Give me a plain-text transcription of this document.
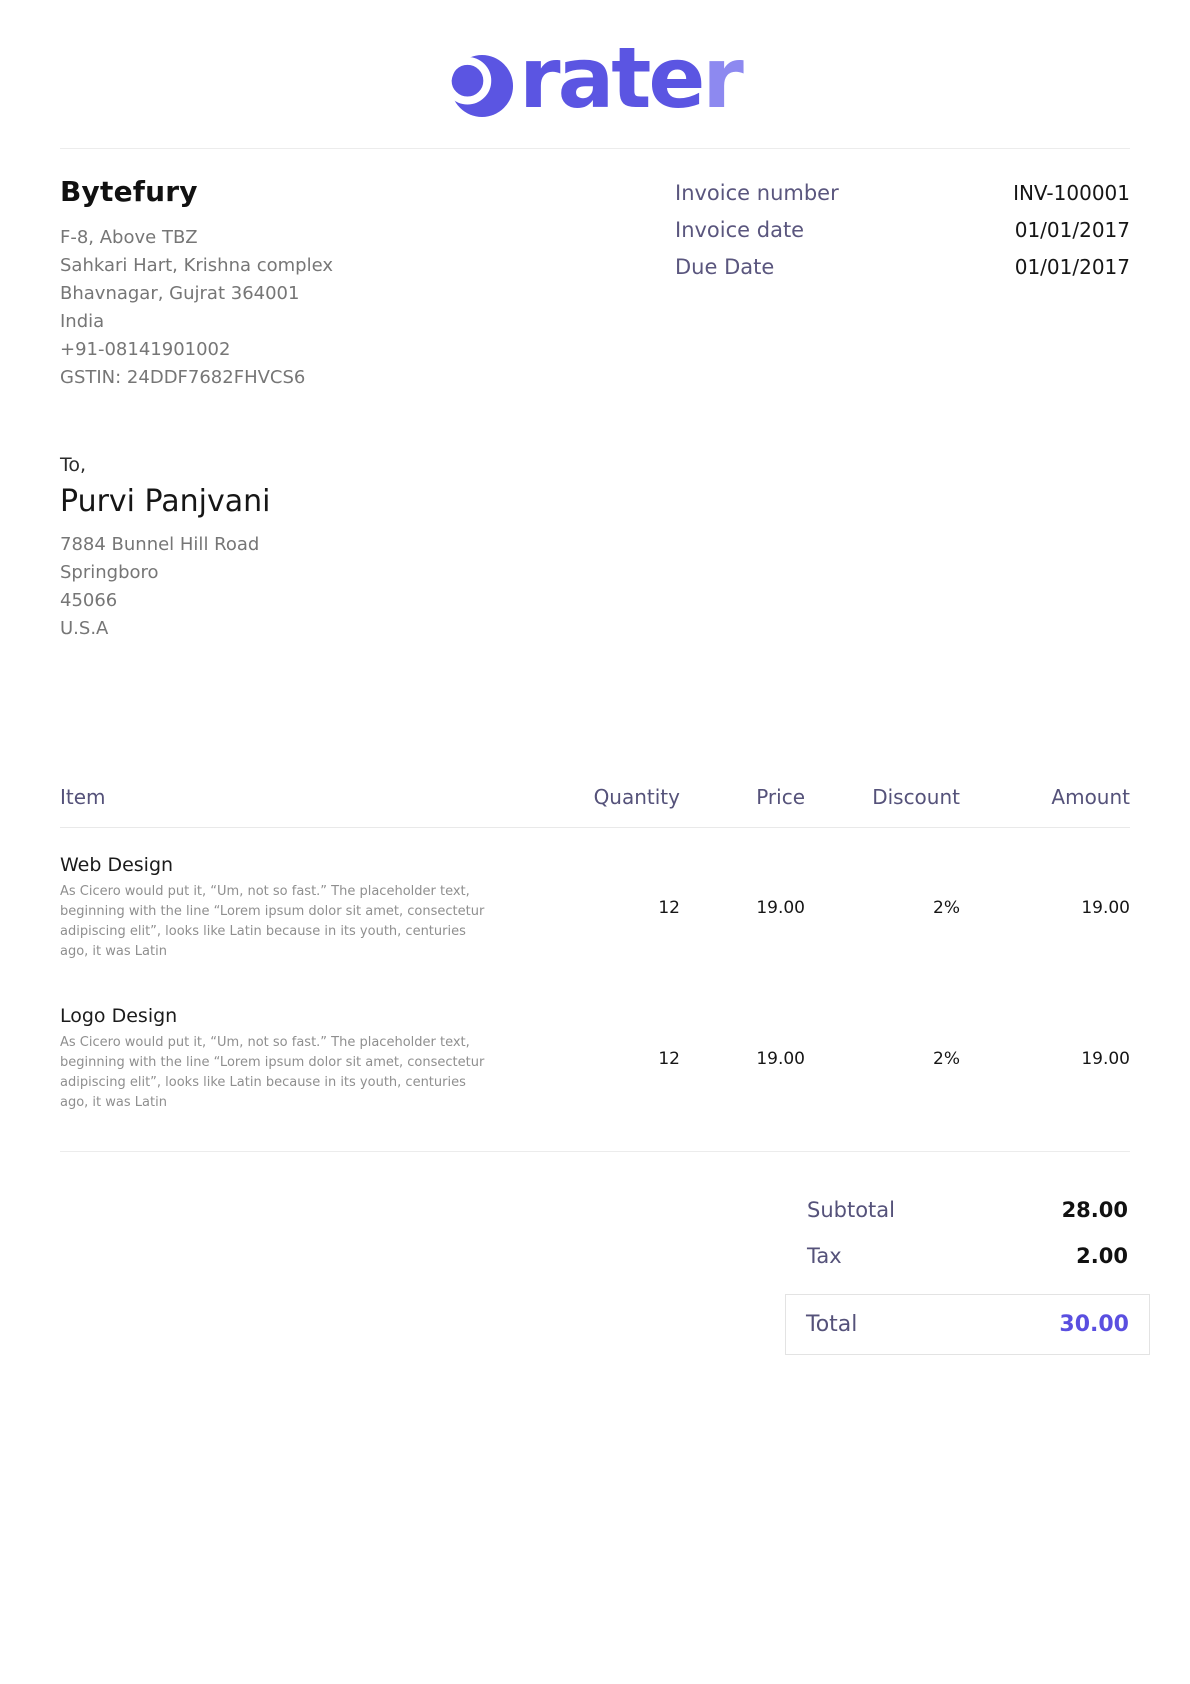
rater
Bytefury
F-8, Above TBZ
Sahkari Hart, Krishna complex
Bhavnagar, Gujrat 364001
India
+91-08141901002
GSTIN: 24DDF7682FHVCS6
Invoice number	INV-100001
Invoice date	01/01/2017
Due Date	01/01/2017
To,
Purvi Panjvani
7884 Bunnel Hill Road
Springboro
45066
U.S.A
Item	Quantity	Price	Discount	Amount
Web Design
As Cicero would put it, “Um, not so fast.” The placeholder text, beginning with the line “Lorem ipsum dolor sit amet, consectetur adipiscing elit”, looks like Latin because in its youth, centuries ago, it was Latin
12	19.00	2%	19.00
Logo Design
As Cicero would put it, “Um, not so fast.” The placeholder text, beginning with the line “Lorem ipsum dolor sit amet, consectetur adipiscing elit”, looks like Latin because in its youth, centuries ago, it was Latin
12	19.00	2%	19.00
Subtotal	28.00
Tax	2.00
Total	30.00
